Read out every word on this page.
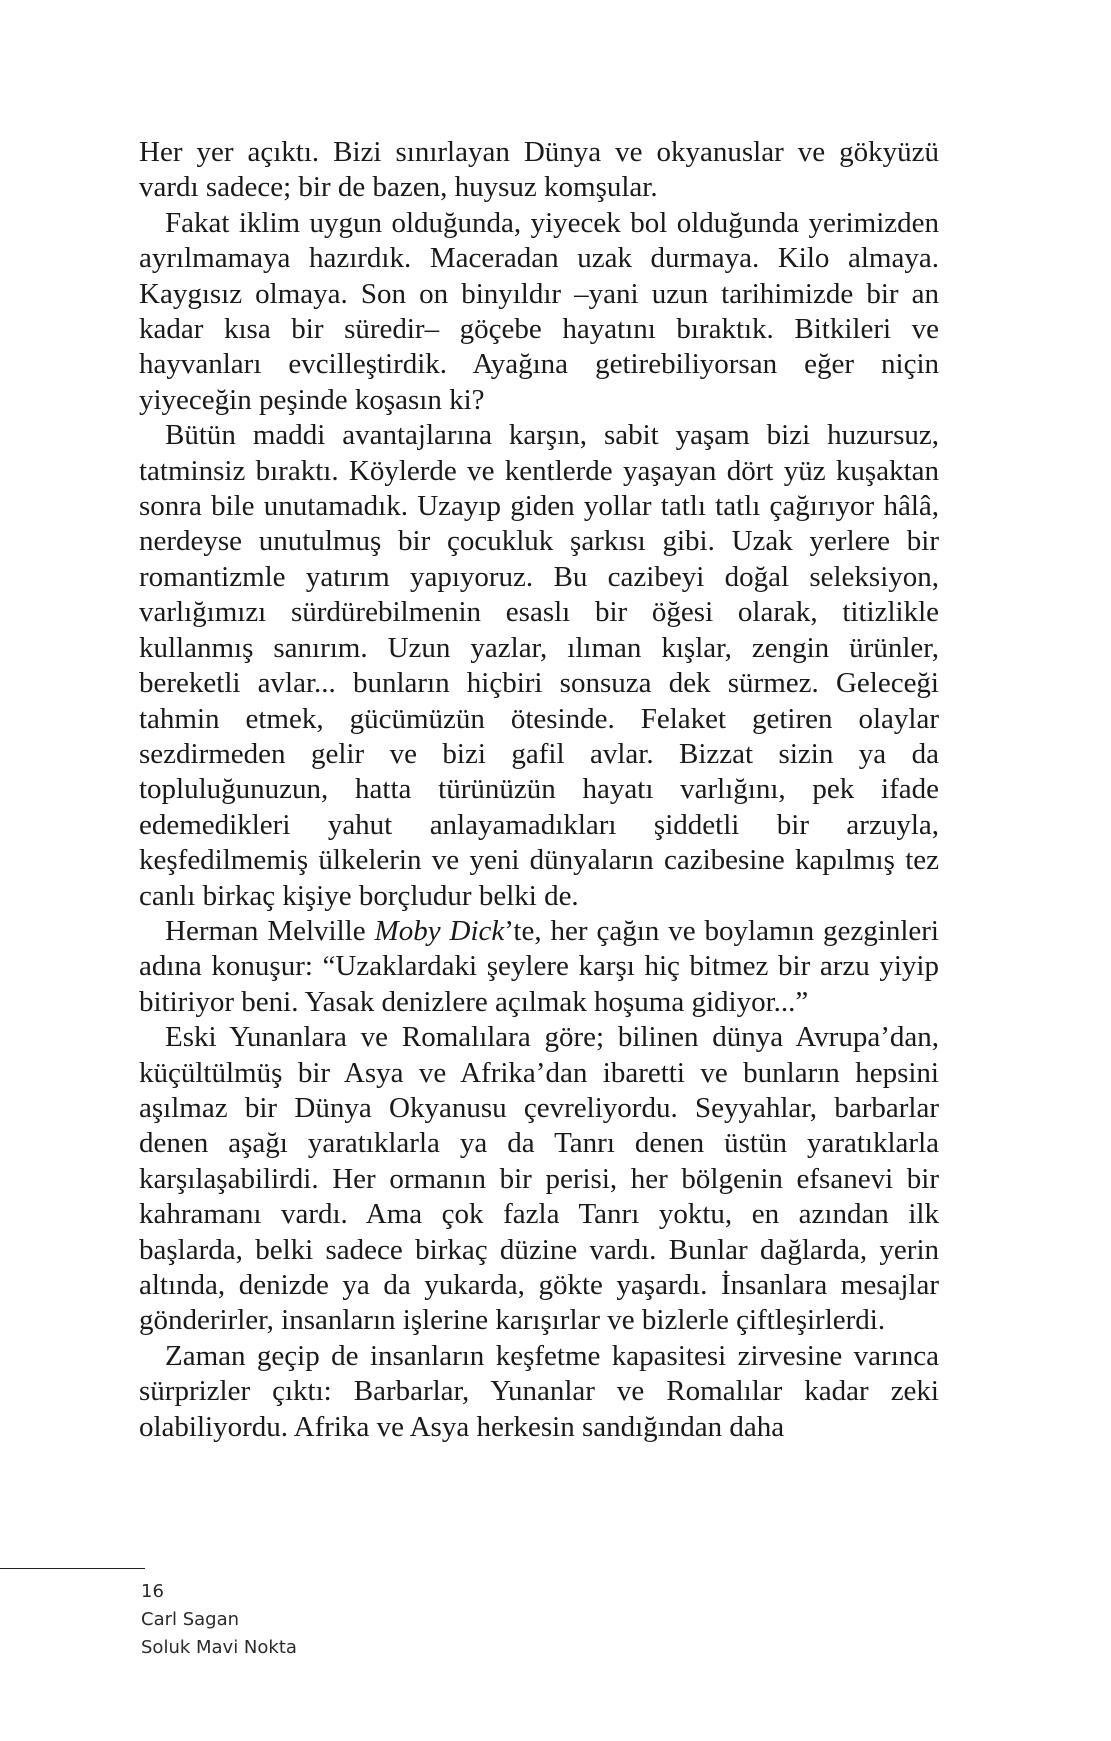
Her yer açıktı. Bizi sınırlayan Dünya ve okyanuslar ve gökyüzü vardı sadece; bir de bazen, huysuz komşular.

Fakat iklim uygun olduğunda, yiyecek bol olduğunda yerimizden ayrılmamaya hazırdık. Maceradan uzak durmaya. Kilo almaya. Kaygısız olmaya. Son on binyıldır –yani uzun tarihimizde bir an kadar kısa bir süredir– göçebe hayatını bıraktık. Bitkileri ve hayvanları evcilleştirdik. Ayağına getirebiliyorsan eğer niçin yiyeceğin peşinde koşasın ki?

Bütün maddi avantajlarına karşın, sabit yaşam bizi huzursuz, tatminsiz bıraktı. Köylerde ve kentlerde yaşayan dört yüz kuşaktan sonra bile unutamadık. Uzayıp giden yollar tatlı tatlı çağırıyor hâlâ, nerdeyse unutulmuş bir çocukluk şarkısı gibi. Uzak yerlere bir romantizmle yatırım yapıyoruz. Bu cazibeyi doğal seleksiyon, varlığımızı sürdürebilmenin esaslı bir öğesi olarak, titizlikle kullanmış sanırım. Uzun yazlar, ılıman kışlar, zengin ürünler, bereketli avlar... bunların hiçbiri sonsuza dek sürmez. Geleceği tahmin etmek, gücümüzün ötesinde. Felaket getiren olaylar sezdirmeden gelir ve bizi gafil avlar. Bizzat sizin ya da topluluğunuzun, hatta türünüzün hayatı varlığını, pek ifade edemedikleri yahut anlayamadıkları şiddetli bir arzuyla, keşfedilmemiş ülkelerin ve yeni dünyaların cazibesine kapılmış tez canlı birkaç kişiye borçludur belki de.

Herman Melville Moby Dick’te, her çağın ve boylamın gezginleri adına konuşur: “Uzaklardaki şeylere karşı hiç bitmez bir arzu yiyip bitiriyor beni. Yasak denizlere açılmak hoşuma gidiyor...”

Eski Yunanlara ve Romalılara göre; bilinen dünya Avrupa’dan, küçültülmüş bir Asya ve Afrika’dan ibaretti ve bunların hepsini aşılmaz bir Dünya Okyanusu çevreliyordu. Seyyahlar, barbarlar denen aşağı yaratıklarla ya da Tanrı denen üstün yaratıklarla karşılaşabilirdi. Her ormanın bir perisi, her bölgenin efsanevi bir kahramanı vardı. Ama çok fazla Tanrı yoktu, en azından ilk başlarda, belki sadece birkaç düzine vardı. Bunlar dağlarda, yerin altında, denizde ya da yukarda, gökte yaşardı. İnsanlara mesajlar gönderirler, insanların işlerine karışırlar ve bizlerle çiftleşirlerdi.

Zaman geçip de insanların keşfetme kapasitesi zirvesine varınca sürprizler çıktı: Barbarlar, Yunanlar ve Romalılar kadar zeki olabiliyordu. Afrika ve Asya herkesin sandığından daha

16
Carl Sagan
Soluk Mavi Nokta
